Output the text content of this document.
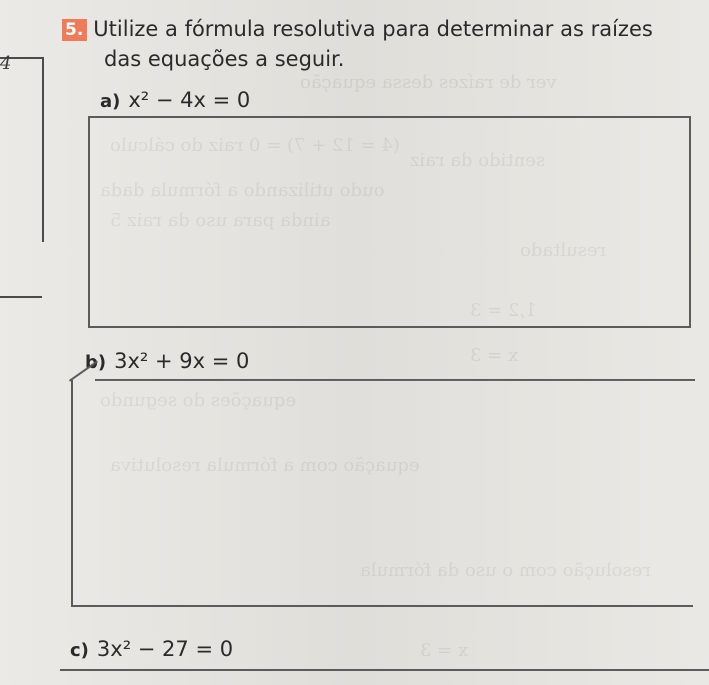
4
5. Utilize a fórmula resolutiva para determinar as raízes
das equações a seguir.
a) x² − 4x = 0
b) 3x² + 9x = 0
c) 3x² − 27 = 0
